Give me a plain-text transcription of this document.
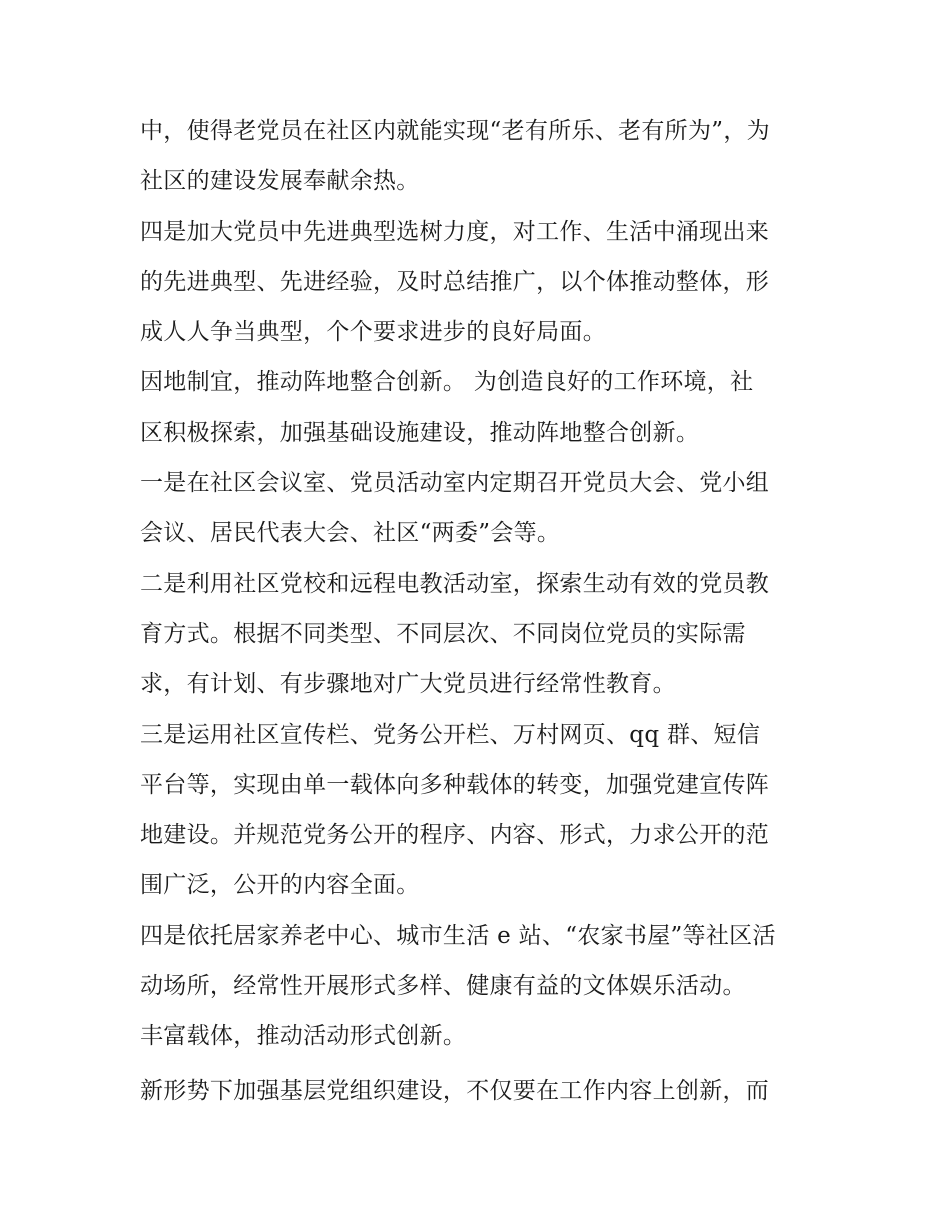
中，使得老党员在社区内就能实现“老有所乐、老有所为”，为
社区的建设发展奉献余热。
四是加大党员中先进典型选树力度，对工作、生活中涌现出来
的先进典型、先进经验，及时总结推广，以个体推动整体，形
成人人争当典型，个个要求进步的良好局面。
因地制宜，推动阵地整合创新。 为创造良好的工作环境，社
区积极探索，加强基础设施建设，推动阵地整合创新。
一是在社区会议室、党员活动室内定期召开党员大会、党小组
会议、居民代表大会、社区“两委”会等。
二是利用社区党校和远程电教活动室，探索生动有效的党员教
育方式。根据不同类型、不同层次、不同岗位党员的实际需
求，有计划、有步骤地对广大党员进行经常性教育。
三是运用社区宣传栏、党务公开栏、万村网页、qq 群、短信
平台等，实现由单一载体向多种载体的转变，加强党建宣传阵
地建设。并规范党务公开的程序、内容、形式，力求公开的范
围广泛，公开的内容全面。
四是依托居家养老中心、城市生活 e 站、“农家书屋”等社区活
动场所，经常性开展形式多样、健康有益的文体娱乐活动。
丰富载体，推动活动形式创新。
新形势下加强基层党组织建设，不仅要在工作内容上创新，而
